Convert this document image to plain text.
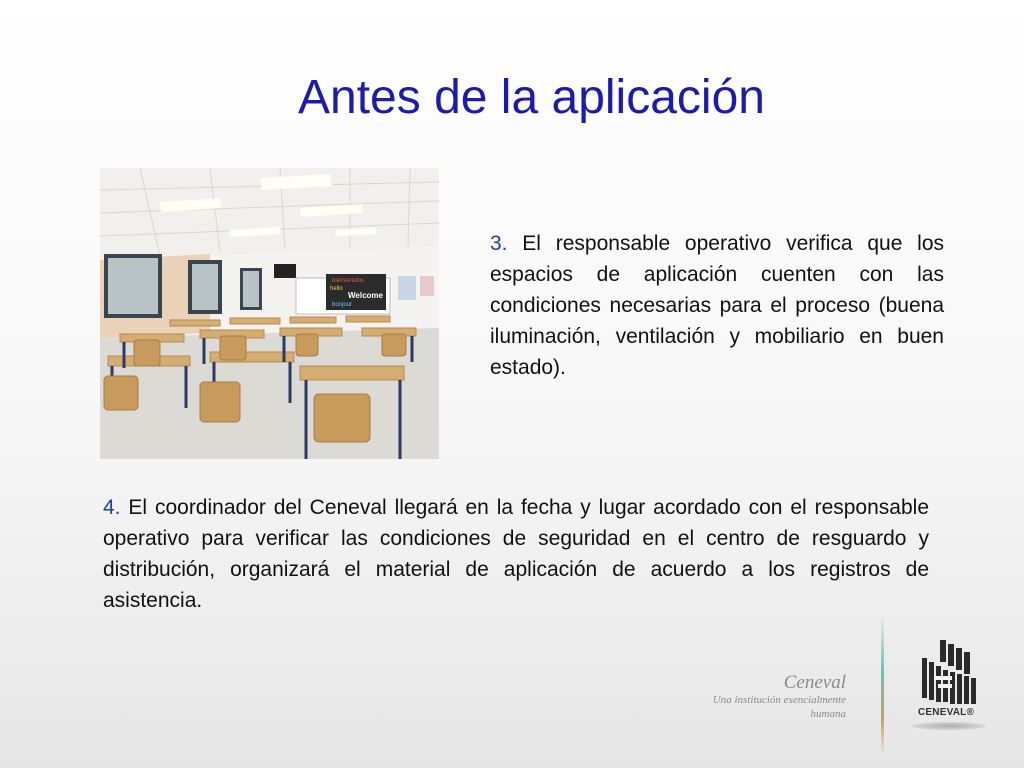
Antes de la aplicación
bienvenidos
hello
Welcome
bonjour

3. El responsable operativo verifica que los espacios de aplicación cuenten con las condiciones necesarias para el proceso (buena iluminación, ventilación y mobiliario en buen estado).

4. El coordinador del Ceneval llegará en la fecha y lugar acordado con el responsable operativo para verificar las condiciones de seguridad en el centro de resguardo y distribución, organizará el material de aplicación de acuerdo a los registros de asistencia.

Ceneval
Una institución esencialmente humana	CENEVAL®
